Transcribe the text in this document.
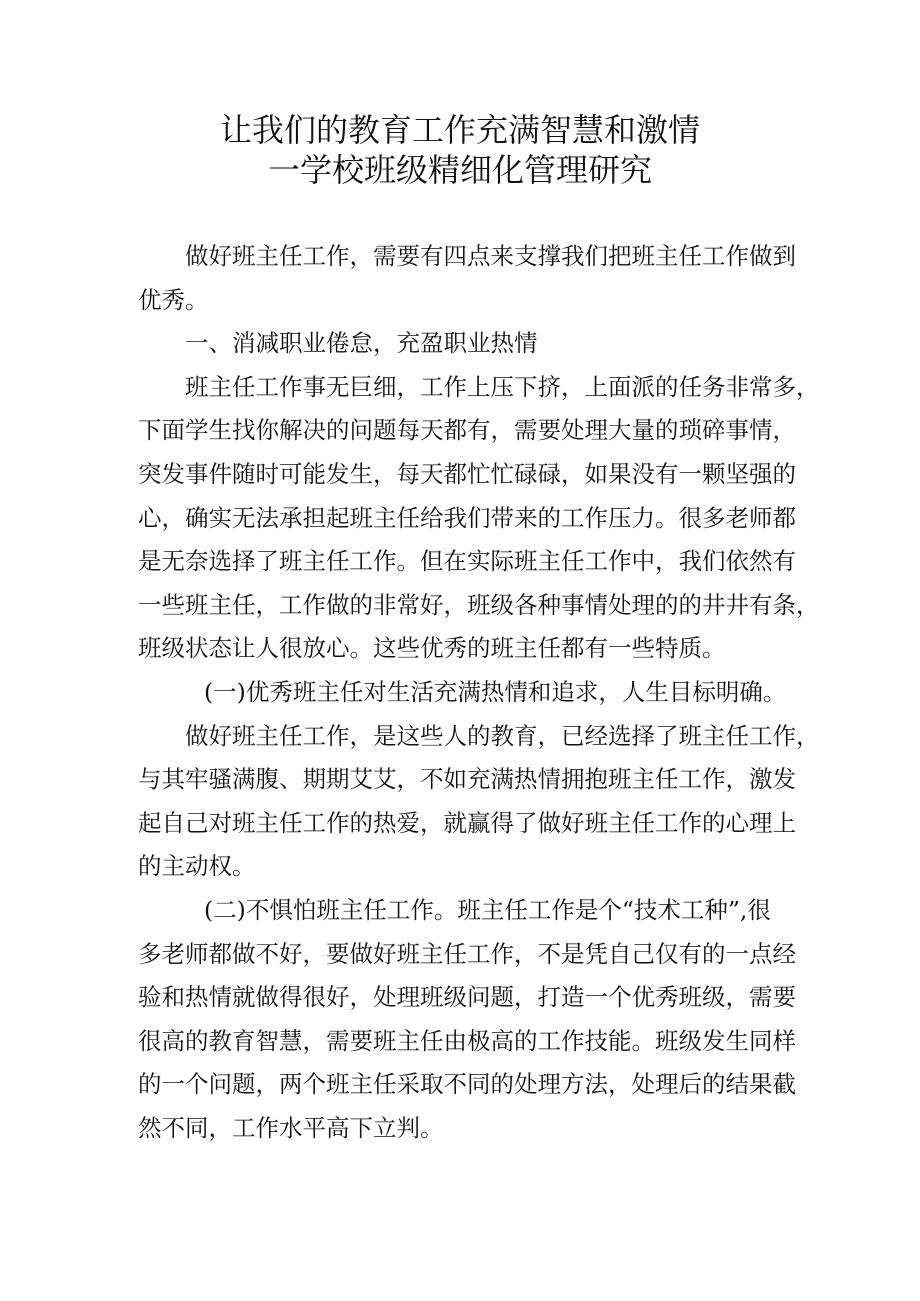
让我们的教育工作充满智慧和激情
一学校班级精细化管理研究
做好班主任工作，需要有四点来支撑我们把班主任工作做到
优秀。
一、消减职业倦怠，充盈职业热情
班主任工作事无巨细，工作上压下挤，上面派的任务非常多，
下面学生找你解决的问题每天都有，需要处理大量的琐碎事情，
突发事件随时可能发生，每天都忙忙碌碌，如果没有一颗坚强的
心，确实无法承担起班主任给我们带来的工作压力。很多老师都
是无奈选择了班主任工作。但在实际班主任工作中，我们依然有
一些班主任，工作做的非常好，班级各种事情处理的的井井有条，
班级状态让人很放心。这些优秀的班主任都有一些特质。
(一)优秀班主任对生活充满热情和追求，人生目标明确。
做好班主任工作，是这些人的教育，已经选择了班主任工作，
与其牢骚满腹、期期艾艾，不如充满热情拥抱班主任工作，激发
起自己对班主任工作的热爱，就赢得了做好班主任工作的心理上
的主动权。
(二)不惧怕班主任工作。班主任工作是个“技术工种”,很
多老师都做不好，要做好班主任工作，不是凭自己仅有的一点经
验和热情就做得很好，处理班级问题，打造一个优秀班级，需要
很高的教育智慧，需要班主任由极高的工作技能。班级发生同样
的一个问题，两个班主任采取不同的处理方法，处理后的结果截
然不同，工作水平高下立判。
